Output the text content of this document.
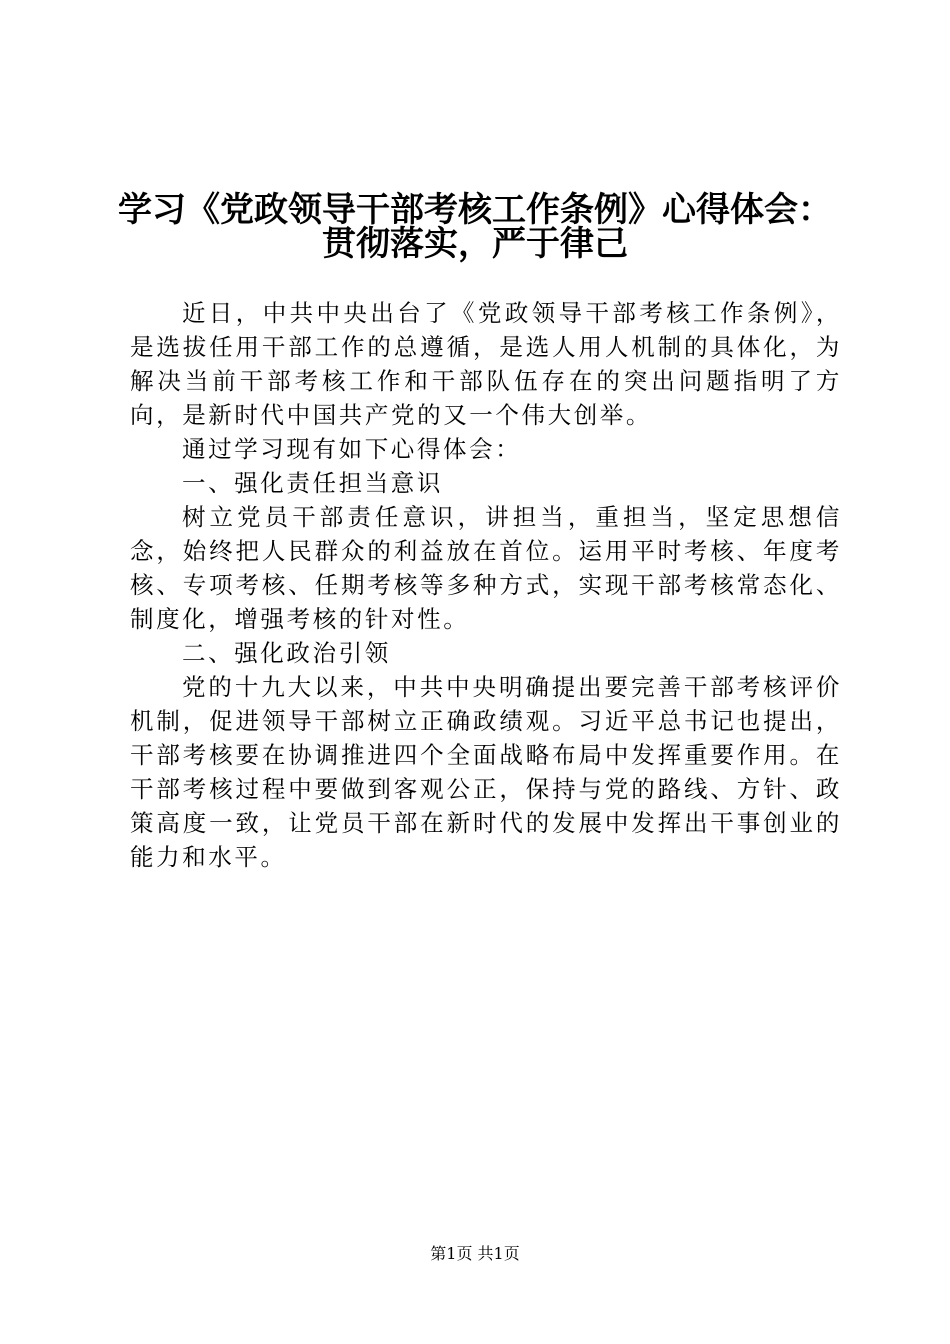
学习《党政领导干部考核工作条例》心得体会：
贯彻落实，严于律己

近日，中共中央出台了《党政领导干部考核工作条例》，是选拔任用干部工作的总遵循，是选人用人机制的具体化，为解决当前干部考核工作和干部队伍存在的突出问题指明了方向，是新时代中国共产党的又一个伟大创举。

通过学习现有如下心得体会：

一、强化责任担当意识

树立党员干部责任意识，讲担当，重担当，坚定思想信念，始终把人民群众的利益放在首位。运用平时考核、年度考核、专项考核、任期考核等多种方式，实现干部考核常态化、制度化，增强考核的针对性。

二、强化政治引领

党的十九大以来，中共中央明确提出要完善干部考核评价机制，促进领导干部树立正确政绩观。习近平总书记也提出，干部考核要在协调推进四个全面战略布局中发挥重要作用。在干部考核过程中要做到客观公正，保持与党的路线、方针、政策高度一致，让党员干部在新时代的发展中发挥出干事创业的能力和水平。

第1页 共1页
